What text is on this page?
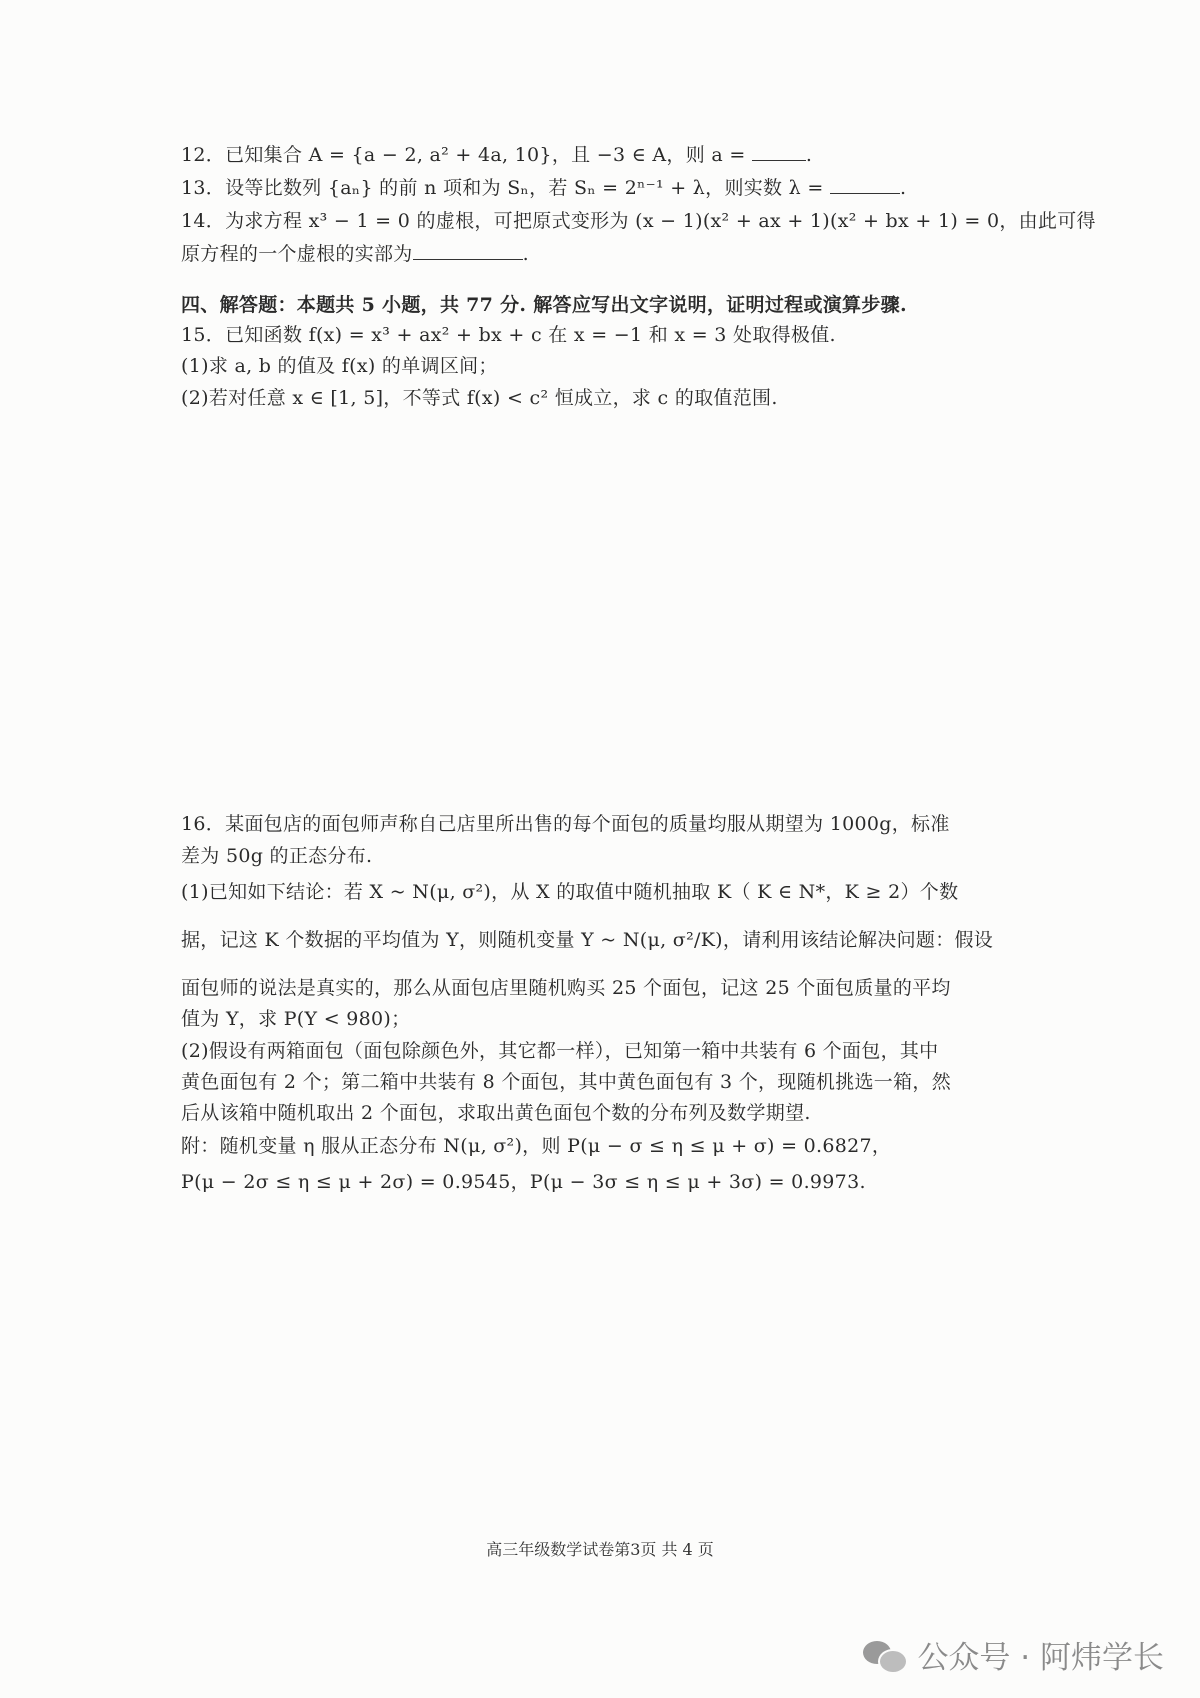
12．已知集合 A = {a − 2, a² + 4a, 10}，且 −3 ∈ A，则 a =	.
13．设等比数列 {aₙ} 的前 n 项和为 Sₙ，若 Sₙ = 2ⁿ⁻¹ + λ，则实数 λ =	.
14．为求方程 x³ − 1 = 0 的虚根，可把原式变形为 (x − 1)(x² + ax + 1)(x² + bx + 1) = 0，由此可得
原方程的一个虚根的实部为	.
四、解答题：本题共 5 小题，共 77 分. 解答应写出文字说明，证明过程或演算步骤.
15．已知函数 f(x) = x³ + ax² + bx + c 在 x = −1 和 x = 3 处取得极值.
(1)求 a, b 的值及 f(x) 的单调区间；
(2)若对任意 x ∈ [1, 5]，不等式 f(x) < c² 恒成立，求 c 的取值范围.
16．某面包店的面包师声称自己店里所出售的每个面包的质量均服从期望为 1000g，标准
差为 50g 的正态分布.
(1)已知如下结论：若 X ~ N(μ, σ²)，从 X 的取值中随机抽取 K（ K ∈ N*，K ≥ 2）个数
据，记这 K 个数据的平均值为 Y，则随机变量 Y ~ N(μ, σ²/K)，请利用该结论解决问题：假设
面包师的说法是真实的，那么从面包店里随机购买 25 个面包，记这 25 个面包质量的平均
值为 Y，求 P(Y < 980)；
(2)假设有两箱面包（面包除颜色外，其它都一样），已知第一箱中共装有 6 个面包，其中
黄色面包有 2 个；第二箱中共装有 8 个面包，其中黄色面包有 3 个，现随机挑选一箱，然
后从该箱中随机取出 2 个面包，求取出黄色面包个数的分布列及数学期望.
附：随机变量 η 服从正态分布 N(μ, σ²)，则 P(μ − σ ≤ η ≤ μ + σ) = 0.6827，
P(μ − 2σ ≤ η ≤ μ + 2σ) = 0.9545，P(μ − 3σ ≤ η ≤ μ + 3σ) = 0.9973.
高三年级数学试卷第3页 共 4 页
公众号 · 阿炜学长
